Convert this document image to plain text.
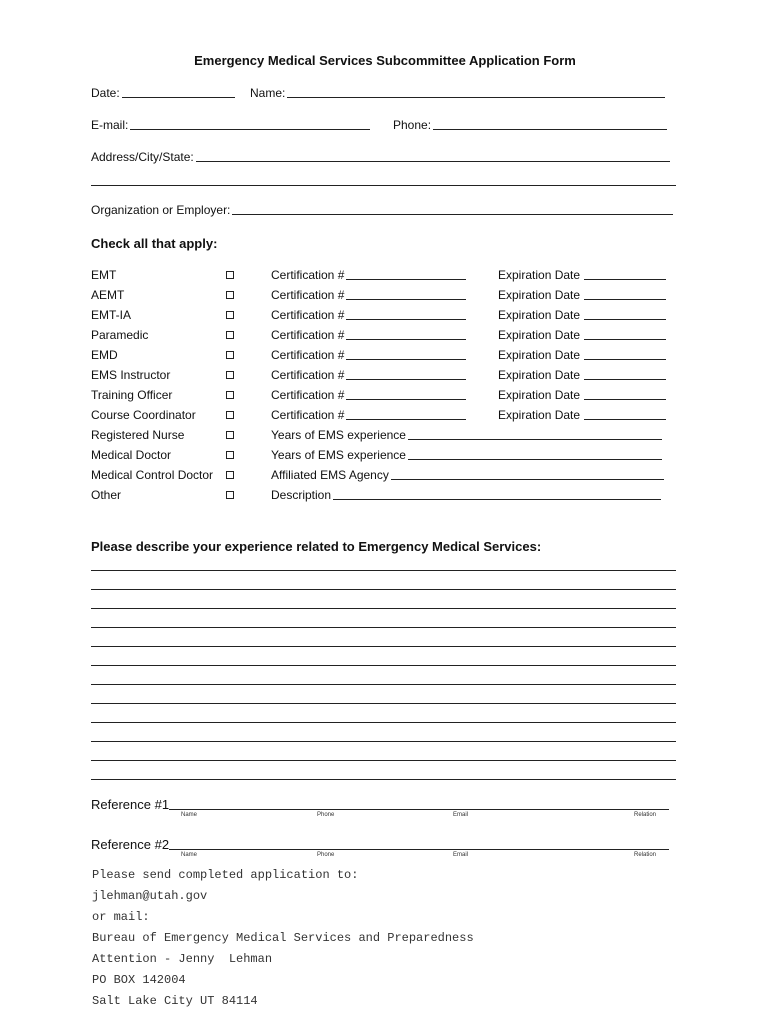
Emergency Medical Services Subcommittee Application Form
Date:	Name:
E-mail:	Phone:
Address/City/State:
Organization or Employer:
Check all that apply:
EMT	Certification #	Expiration Date
AEMT	Certification #	Expiration Date
EMT-IA	Certification #	Expiration Date
Paramedic	Certification #	Expiration Date
EMD	Certification #	Expiration Date
EMS Instructor	Certification #	Expiration Date
Training Officer	Certification #	Expiration Date
Course Coordinator	Certification #	Expiration Date
Registered Nurse	Years of EMS experience
Medical Doctor	Years of EMS experience
Medical Control Doctor	Affiliated EMS Agency
Other	Description
Please describe your experience related to Emergency Medical Services:
Reference #1
Name	Phone	Email	Relation
Reference #2
Name	Phone	Email	Relation
Please send completed application to:
jlehman@utah.gov
or mail:
Bureau of Emergency Medical Services and Preparedness
Attention - Jenny  Lehman
PO BOX 142004
Salt Lake City UT 84114
